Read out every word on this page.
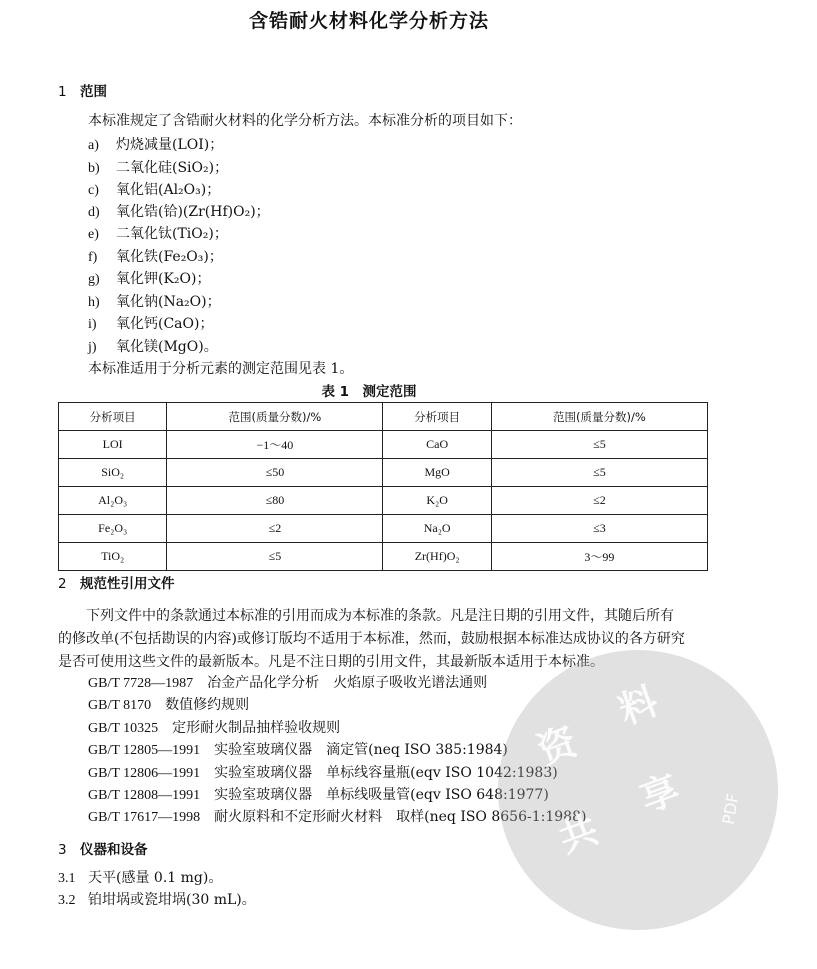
含锆耐火材料化学分析方法
1 范围
本标准规定了含锆耐火材料的化学分析方法。本标准分析的项目如下：
a) 灼烧减量(LOI)；
b) 二氧化硅(SiO₂)；
c) 氧化铝(Al₂O₃)；
d) 氧化锆(铪)(Zr(Hf)O₂)；
e) 二氧化钛(TiO₂)；
f) 氧化铁(Fe₂O₃)；
g) 氧化钾(K₂O)；
h) 氧化钠(Na₂O)；
i) 氧化钙(CaO)；
j) 氧化镁(MgO)。
本标准适用于分析元素的测定范围见表 1。
表 1　测定范围
分析项目	范围(质量分数)/%	分析项目	范围(质量分数)/%
LOI	−1～40	CaO	≤5
SiO₂	≤50	MgO	≤5
Al₂O₃	≤80	K₂O	≤2
Fe₂O₃	≤2	Na₂O	≤3
TiO₂	≤5	Zr(Hf)O₂	3～99
2 规范性引用文件
　　下列文件中的条款通过本标准的引用而成为本标准的条款。凡是注日期的引用文件，其随后所有
的修改单(不包括勘误的内容)或修订版均不适用于本标准，然而，鼓励根据本标准达成协议的各方研究
是否可使用这些文件的最新版本。凡是不注日期的引用文件，其最新版本适用于本标准。
GB/T 7728—1987　 冶金产品化学分析　火焰原子吸收光谱法通则
GB/T 8170　 数值修约规则
GB/T 10325　 定形耐火制品抽样验收规则
GB/T 12805—1991　 实验室玻璃仪器　滴定管(neq ISO 385:1984)
GB/T 12806—1991　 实验室玻璃仪器　单标线容量瓶(eqv ISO 1042:1983)
GB/T 12808—1991　 实验室玻璃仪器　单标线吸量管(eqv ISO 648:1977)
GB/T 17617—1998　 耐火原料和不定形耐火材料　取样(neq ISO 8656-1:1988)
3 仪器和设备
3.1 天平(感量 0.1 mg)。
3.2 铂坩埚或瓷坩埚(30 mL)。
资
料
共
享 PDF
